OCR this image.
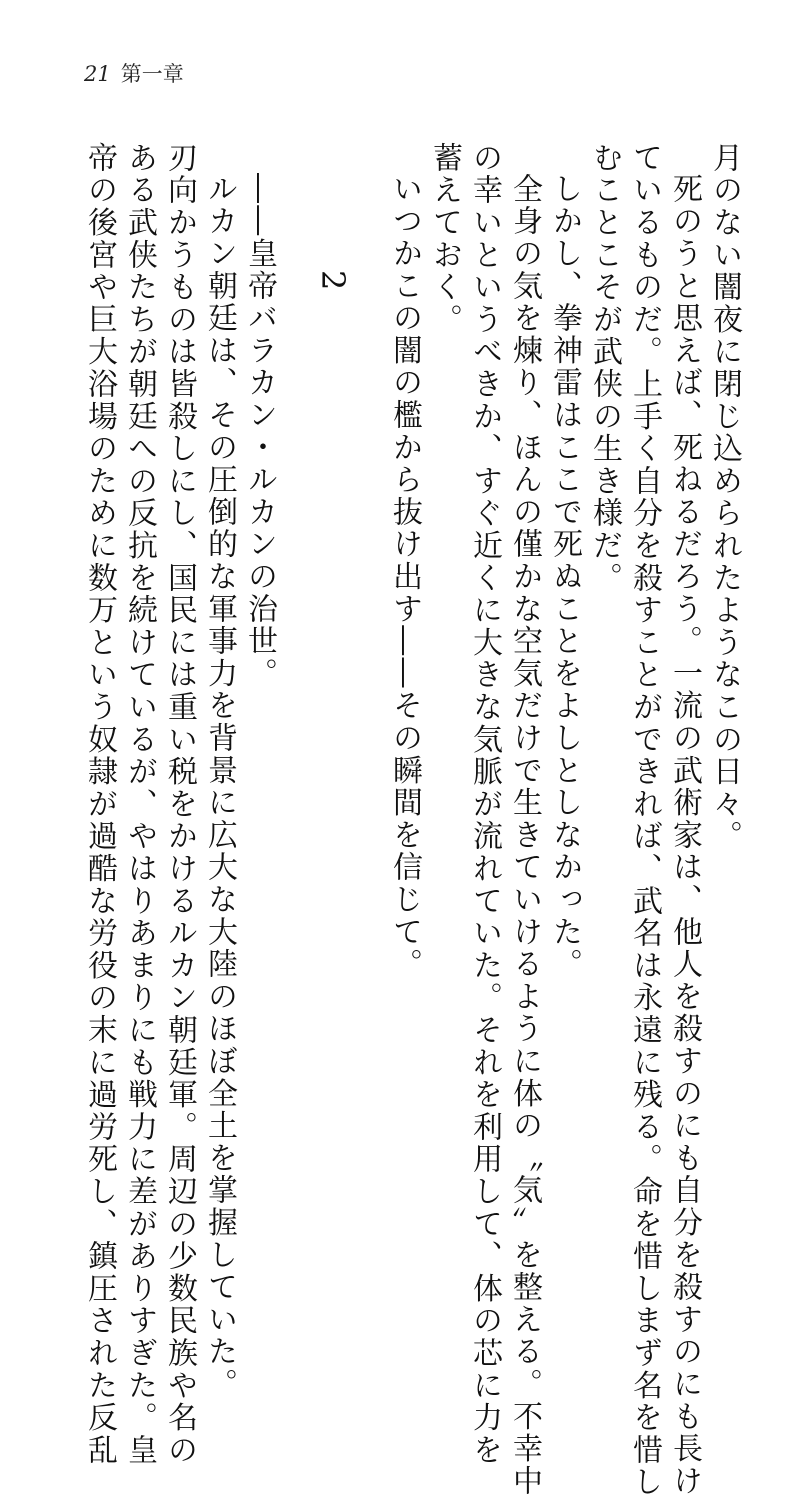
21 第一章
月のない闇夜に閉じ込められたようなこの日々。
死のうと思えば、死ねるだろう。一流の武術家は、他人を殺すのにも自分を殺すのにも長け
ているものだ。上手く自分を殺すことができれば、武名は永遠に残る。命を惜しまず名を惜し
むことこそが武侠の生き様だ。
しかし、拳神雷はここで死ぬことをよしとしなかった。
全身の気を煉り、ほんの僅かな空気だけで生きていけるように体の〝気〟を整える。不幸中
の幸いというべきか、すぐ近くに大きな気脈が流れていた。それを利用して、体の芯に力を
蓄えておく。
いつかこの闇の檻から抜け出す――その瞬間を信じて。
2
――皇帝バラカン・ルカンの治世。
ルカン朝廷は、その圧倒的な軍事力を背景に広大な大陸のほぼ全土を掌握していた。
刃向かうものは皆殺しにし、国民には重い税をかけるルカン朝廷軍。周辺の少数民族や名の
ある武侠たちが朝廷への反抗を続けているが、やはりあまりにも戦力に差がありすぎた。皇
帝の後宮や巨大浴場のために数万という奴隷が過酷な労役の末に過労死し、鎮圧された反乱
